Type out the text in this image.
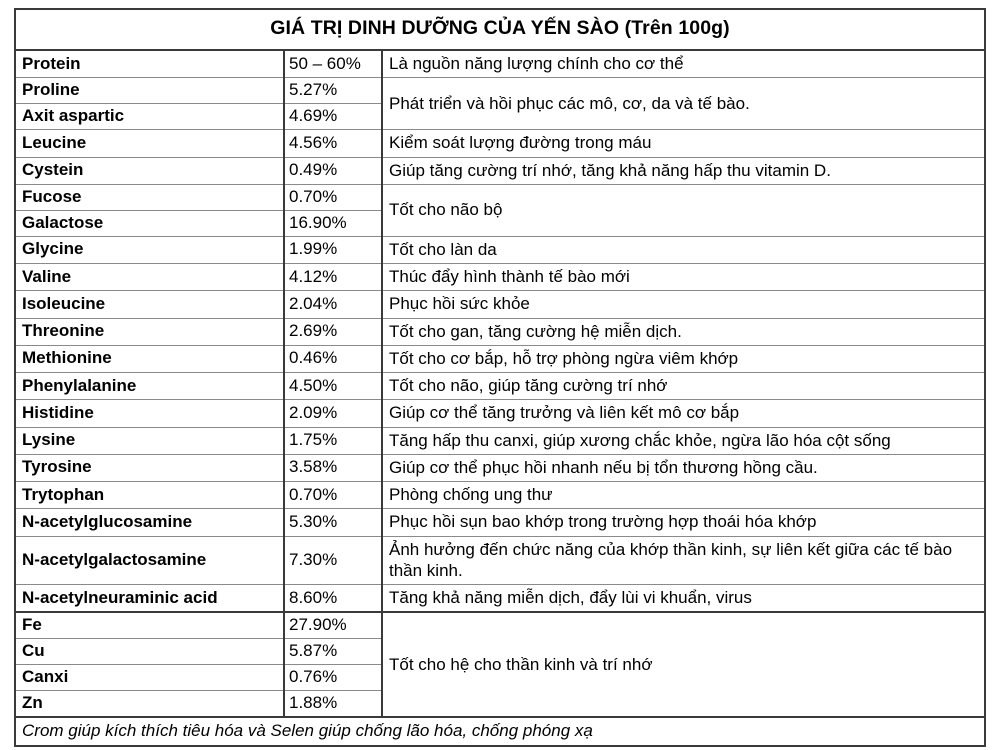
GIÁ TRỊ DINH DƯỠNG CỦA YẾN SÀO (Trên 100g)		
Protein	50 – 60%	Là nguồn năng lượng chính cho cơ thể
Proline	5.27%	Phát triển và hồi phục các mô, cơ, da và tế bào.
Axit aspartic	4.69%	
Leucine	4.56%	Kiểm soát lượng đường trong máu
Cystein	0.49%	Giúp tăng cường trí nhớ, tăng khả năng hấp thu vitamin D.
Fucose	0.70%	Tốt cho não bộ
Galactose	16.90%	
Glycine	1.99%	Tốt cho làn da
Valine	4.12%	Thúc đẩy hình thành tế bào mới
Isoleucine	2.04%	Phục hồi sức khỏe
Threonine	2.69%	Tốt cho gan, tăng cường hệ miễn dịch.
Methionine	0.46%	Tốt cho cơ bắp, hỗ trợ phòng ngừa viêm khớp
Phenylalanine	4.50%	Tốt cho não, giúp tăng cường trí nhớ
Histidine	2.09%	Giúp cơ thể tăng trưởng và liên kết mô cơ bắp
Lysine	1.75%	Tăng hấp thu canxi, giúp xương chắc khỏe, ngừa lão hóa cột sống
Tyrosine	3.58%	Giúp cơ thể phục hồi nhanh nếu bị tổn thương hồng cầu.
Trytophan	0.70%	Phòng chống ung thư
N-acetylglucosamine	5.30%	Phục hồi sụn bao khớp trong trường hợp thoái hóa khớp
N-acetylgalactosamine	7.30%	Ảnh hưởng đến chức năng của khớp thần kinh, sự liên kết giữa các tế bào thần kinh.
N-acetylneuraminic acid	8.60%	Tăng khả năng miễn dịch, đẩy lùi vi khuẩn, virus
Fe	27.90%	Tốt cho hệ cho thần kinh và trí nhớ
Cu	5.87%	
Canxi	0.76%	
Zn	1.88%	
Crom giúp kích thích tiêu hóa và Selen giúp chống lão hóa, chống phóng xạ		
